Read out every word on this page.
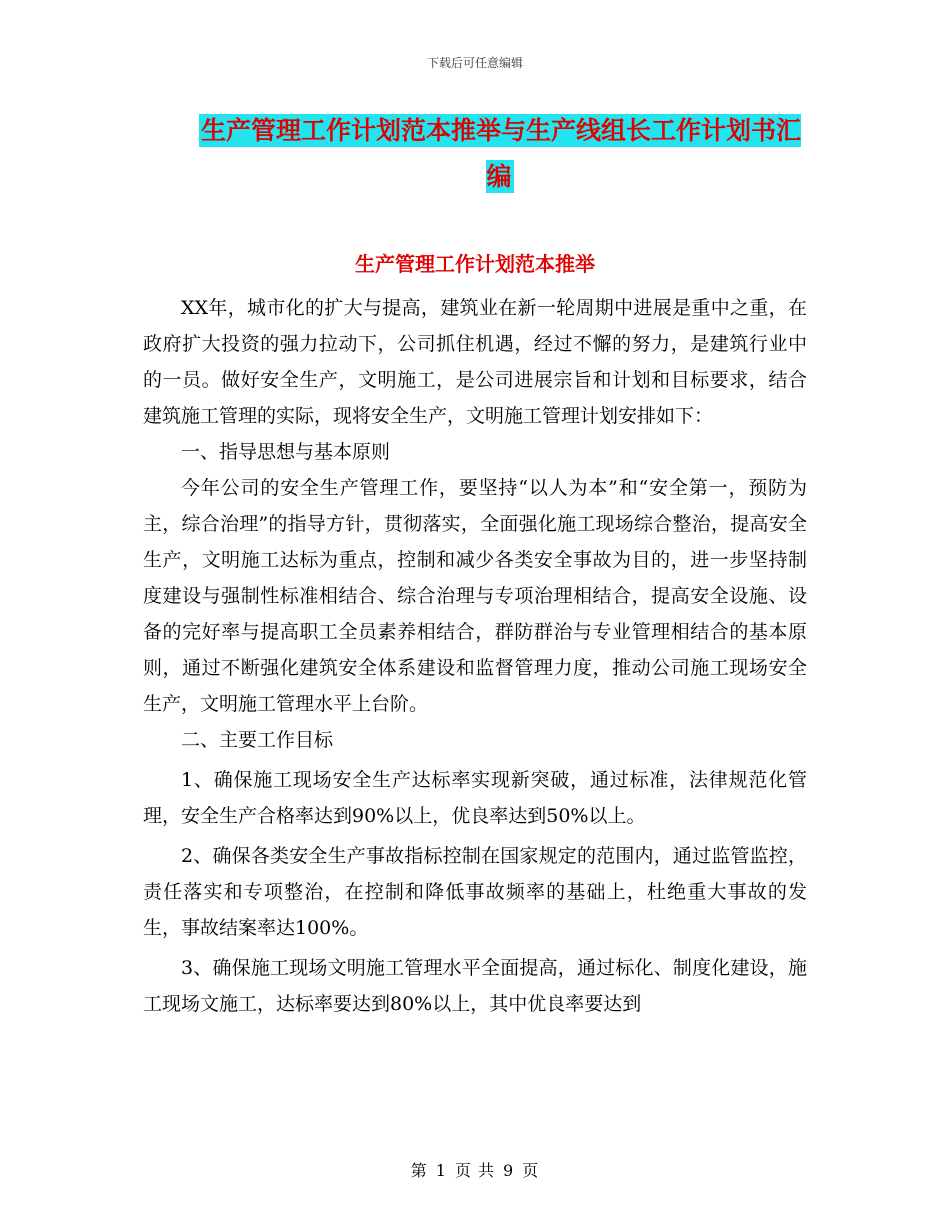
下载后可任意编辑
生产管理工作计划范本推举与生产线组长工作计划书汇编
生产管理工作计划范本推举

XX年，城市化的扩大与提高，建筑业在新一轮周期中进展是重中之重，在政府扩大投资的强力拉动下，公司抓住机遇，经过不懈的努力，是建筑行业中的一员。做好安全生产，文明施工，是公司进展宗旨和计划和目标要求，结合建筑施工管理的实际，现将安全生产，文明施工管理计划安排如下：

一、指导思想与基本原则

今年公司的安全生产管理工作，要坚持“以人为本”和“安全第一，预防为主，综合治理”的指导方针，贯彻落实，全面强化施工现场综合整治，提高安全生产，文明施工达标为重点，控制和减少各类安全事故为目的，进一步坚持制度建设与强制性标准相结合、综合治理与专项治理相结合，提高安全设施、设备的完好率与提高职工全员素养相结合，群防群治与专业管理相结合的基本原则，通过不断强化建筑安全体系建设和监督管理力度，推动公司施工现场安全生产，文明施工管理水平上台阶。

二、主要工作目标

1、确保施工现场安全生产达标率实现新突破，通过标准，法律规范化管理，安全生产合格率达到90%以上，优良率达到50%以上。

2、确保各类安全生产事故指标控制在国家规定的范围内，通过监管监控，责任落实和专项整治，在控制和降低事故频率的基础上，杜绝重大事故的发生，事故结案率达100%。

3、确保施工现场文明施工管理水平全面提高，通过标化、制度化建设，施工现场文施工，达标率要达到80%以上，其中优良率要达到

第 1 页 共 9 页
